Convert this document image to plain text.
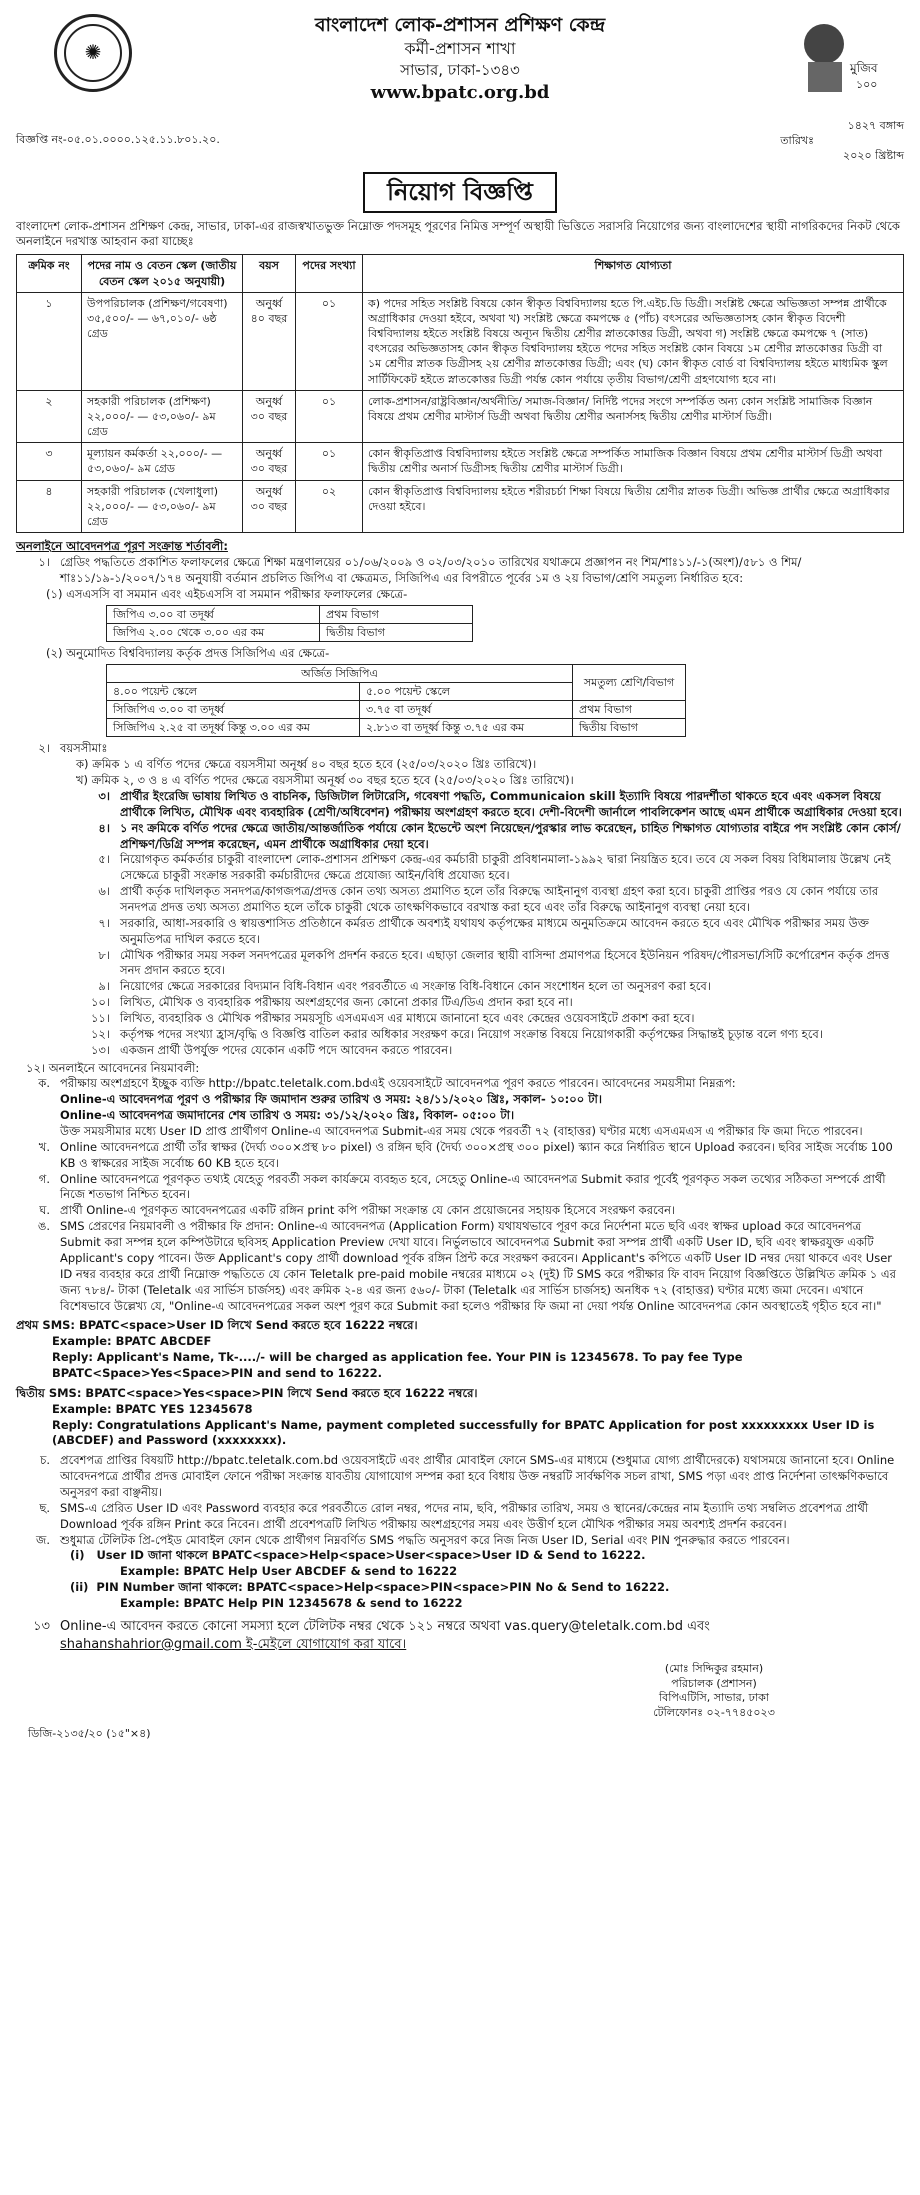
✺
মুজিব
১০০
বাংলাদেশ লোক-প্রশাসন প্রশিক্ষণ কেন্দ্র
কর্মী-প্রশাসন শাখা
সাভার, ঢাকা-১৩৪৩
www.bpatc.org.bd
বিজ্ঞপ্তি নং-০৫.০১.০০০০.১২৫.১১.৮০১.২০.
১৪২৭ বঙ্গাব্দ
তারিখঃ
২০২০ খ্রিষ্টাব্দ
নিয়োগ বিজ্ঞপ্তি
বাংলাদেশ লোক-প্রশাসন প্রশিক্ষণ কেন্দ্র, সাভার, ঢাকা-এর রাজস্বখাতভুক্ত নিম্নোক্ত পদসমূহ পূরণের নিমিত্ত সম্পূর্ণ অস্থায়ী ভিত্তিতে সরাসরি নিয়োগের জন্য বাংলাদেশের স্থায়ী নাগরিকদের নিকট থেকে অনলাইনে দরখাস্ত আহবান করা যাচ্ছেঃ
ক্রমিক নং	পদের নাম ও বেতন স্কেল (জাতীয় বেতন স্কেল ২০১৫ অনুযায়ী)	বয়স	পদের সংখ্যা	শিক্ষাগত যোগ্যতা
১	উপপরিচালক (প্রশিক্ষণ/গবেষণা) ৩৫,৫০০/- — ৬৭,০১০/- ৬ষ্ঠ গ্রেড	অনুর্ধ্ব ৪০ বছর	০১	ক) পদের সহিত সংশ্লিষ্ট বিষয়ে কোন স্বীকৃত বিশ্ববিদ্যালয় হতে পি.এইচ.ডি ডিগ্রী। সংশ্লিষ্ট ক্ষেত্রে অভিজ্ঞতা সম্পন্ন প্রার্থীকে অগ্রাধিকার দেওয়া হইবে, অথবা খ) সংশ্লিষ্ট ক্ষেত্রে কমপক্ষে ৫ (পাঁচ) বৎসরের অভিজ্ঞতাসহ কোন স্বীকৃত বিদেশী বিশ্ববিদ্যালয় হইতে সংশ্লিষ্ট বিষয়ে অন্যূন দ্বিতীয় শ্রেণীর স্নাতকোত্তর ডিগ্রী, অথবা গ) সংশ্লিষ্ট ক্ষেত্রে কমপক্ষে ৭ (সাত) বৎসরের অভিজ্ঞতাসহ কোন স্বীকৃত বিশ্ববিদ্যালয় হইতে পদের সহিত সংশ্লিষ্ট কোন বিষয়ে ১ম শ্রেণীর স্নাতকোত্তর ডিগ্রী বা ১ম শ্রেণীর স্নাতক ডিগ্রীসহ ২য় শ্রেণীর স্নাতকোত্তর ডিগ্রী; এবং (ঘ) কোন স্বীকৃত বোর্ড বা বিশ্ববিদ্যালয় হইতে মাধ্যমিক স্কুল সার্টিফিকেট হইতে স্নাতকোত্তর ডিগ্রী পর্যন্ত কোন পর্যায়ে তৃতীয় বিভাগ/শ্রেণী গ্রহণযোগ্য হবে না।
২	সহকারী পরিচালক (প্রশিক্ষণ) ২২,০০০/- — ৫৩,০৬০/- ৯ম গ্রেড	অনুর্ধ্ব ৩০ বছর	০১	লোক-প্রশাসন/রাষ্ট্রবিজ্ঞান/অর্থনীতি/ সমাজ-বিজ্ঞান/ নির্দিষ্ট পদের সংগে সম্পর্কিত অন্য কোন সংশ্লিষ্ট সামাজিক বিজ্ঞান বিষয়ে প্রথম শ্রেণীর মাস্টার্স ডিগ্রী অথবা দ্বিতীয় শ্রেণীর অনার্সসহ দ্বিতীয় শ্রেণীর মাস্টার্স ডিগ্রী।
৩	মূল্যায়ন কর্মকর্তা ২২,০০০/- — ৫৩,০৬০/- ৯ম গ্রেড	অনুর্ধ্ব ৩০ বছর	০১	কোন স্বীকৃতিপ্রাপ্ত বিশ্ববিদ্যালয় হইতে সংশ্লিষ্ট ক্ষেত্রে সম্পর্কিত সামাজিক বিজ্ঞান বিষয়ে প্রথম শ্রেণীর মাস্টার্স ডিগ্রী অথবা দ্বিতীয় শ্রেণীর অনার্স ডিগ্রীসহ দ্বিতীয় শ্রেণীর মাস্টার্স ডিগ্রী।
৪	সহকারী পরিচালক (খেলাধুলা) ২২,০০০/- — ৫৩,০৬০/- ৯ম গ্রেড	অনুর্ধ্ব ৩০ বছর	০২	কোন স্বীকৃতিপ্রাপ্ত বিশ্ববিদ্যালয় হইতে শরীরচর্চা শিক্ষা বিষয়ে দ্বিতীয় শ্রেণীর স্নাতক ডিগ্রী। অভিজ্ঞ প্রার্থীর ক্ষেত্রে অগ্রাধিকার দেওয়া হইবে।
অনলাইনে আবেদনপত্র পূরণ সংক্রান্ত শর্তাবলী:
১। গ্রেডিং পদ্ধতিতে প্রকাশিত ফলাফলের ক্ষেত্রে শিক্ষা মন্ত্রণালয়ের ০১/০৬/২০০৯ ও ০২/০৩/২০১০ তারিখের যথাক্রমে প্রজ্ঞাপন নং শিম/শাঃ১১/-১(অংশ)/৫৮১ ও শিম/শাঃ১১/১৯-১/২০০৭/১৭৪ অনুযায়ী বর্তমান প্রচলিত জিপিএ বা ক্ষেত্রমত, সিজিপিএ এর বিপরীতে পূর্বের ১ম ও ২য় বিভাগ/শ্রেণি সমতুল্য নির্ধারিত হবে:
(১) এসএসসি বা সমমান এবং এইচএসসি বা সমমান পরীক্ষার ফলাফলের ক্ষেত্রে-
জিপিএ ৩.০০ বা তদূর্ধ্ব	প্রথম বিভাগ
জিপিএ ২.০০ থেকে ৩.০০ এর কম	দ্বিতীয় বিভাগ
(২) অনুমোদিত বিশ্ববিদ্যালয় কর্তৃক প্রদত্ত সিজিপিএ এর ক্ষেত্রে-
অর্জিত সিজিপিএ		সমতুল্য শ্রেণি/বিভাগ
৪.০০ পয়েন্ট স্কেলে	৫.০০ পয়েন্ট স্কেলে	
সিজিপিএ ৩.০০ বা তদূর্ধ্ব	৩.৭৫ বা তদূর্ধ্ব	প্রথম বিভাগ
সিজিপিএ ২.২৫ বা তদূর্ধ্ব কিন্তু ৩.০০ এর কম	২.৮১৩ বা তদূর্ধ্ব কিন্তু ৩.৭৫ এর কম	দ্বিতীয় বিভাগ
২। বয়সসীমাঃ
ক) ক্রমিক ১ এ বর্ণিত পদের ক্ষেত্রে বয়সসীমা অনূর্ধ্ব ৪০ বছর হতে হবে (২৫/০৩/২০২০ খ্রিঃ তারিখে)।
খ) ক্রমিক ২, ৩ ও ৪ এ বর্ণিত পদের ক্ষেত্রে বয়সসীমা অনূর্ধ্ব ৩০ বছর হতে হবে (২৫/০৩/২০২০ খ্রিঃ তারিখে)।
৩। প্রার্থীর ইংরেজি ভাষায় লিখিত ও বাচনিক, ডিজিটাল লিটারেসি, গবেষণা পদ্ধতি, Communicaion skill ইত্যাদি বিষয়ে পারদর্শীতা থাকতে হবে এবং একসল বিষয়ে প্রার্থীকে লিখিত, মৌখিক এবং ব্যবহারিক (শ্রেণী/অধিবেশন) পরীক্ষায় অংশগ্রহণ করতে হবে। দেশী-বিদেশী জার্নালে পাবলিকেশন আছে এমন প্রার্থীকে অগ্রাধিকার দেওয়া হবে।
৪। ১ নং ক্রমিকে বর্ণিত পদের ক্ষেত্রে জাতীয়/আন্তর্জাতিক পর্যায়ে কোন ইভেন্টে অংশ নিয়েছেন/পুরস্কার লাভ করেছেন, চাহিত শিক্ষাগত যোগ্যতার বাইরে পদ সংশ্লিষ্ট কোন কোর্স/প্রশিক্ষণ/ডিগ্রি সম্পন্ন করেছেন, এমন প্রার্থীকে অগ্রাধিকার দেয়া হবে।
৫। নিয়োগকৃত কর্মকর্তার চাকুরী বাংলাদেশ লোক-প্রশাসন প্রশিক্ষণ কেন্দ্র-এর কর্মচারী চাকুরী প্রবিধানমালা-১৯৯২ দ্বারা নিয়ন্ত্রিত হবে। তবে যে সকল বিষয় বিধিমালায় উল্লেখ নেই সেক্ষেত্রে চাকুরী সংক্রান্ত সরকারী কর্মচারীদের ক্ষেত্রে প্রযোজ্য আইন/বিধি প্রযোজ্য হবে।
৬। প্রার্থী কর্তৃক দাখিলকৃত সনদপত্র/কাগজপত্র/প্রদত্ত কোন তথ্য অসত্য প্রমাণিত হলে তাঁর বিরুদ্ধে আইনানুগ ব্যবস্থা গ্রহণ করা হবে। চাকুরী প্রাপ্তির পরও যে কোন পর্যায়ে তার সনদপত্র প্রদত্ত তথ্য অসত্য প্রমাণিত হলে তাঁকে চাকুরী থেকে তাৎক্ষণিকভাবে বরখাস্ত করা হবে এবং তাঁর বিরুদ্ধে আইনানুগ ব্যবস্থা নেয়া হবে।
৭। সরকারি, আধা-সরকারি ও স্বায়ত্তশাসিত প্রতিষ্ঠানে কর্মরত প্রার্থীকে অবশ্যই যথাযথ কর্তৃপক্ষের মাধ্যমে অনুমতিক্রমে আবেদন করতে হবে এবং মৌখিক পরীক্ষার সময় উক্ত অনুমতিপত্র দাখিল করতে হবে।
৮। মৌখিক পরীক্ষার সময় সকল সনদপত্রের মূলকপি প্রদর্শন করতে হবে। এছাড়া জেলার স্থায়ী বাসিন্দা প্রমাণপত্র হিসেবে ইউনিয়ন পরিষদ/পৌরসভা/সিটি কর্পোরেশন কর্তৃক প্রদত্ত সনদ প্রদান করতে হবে।
৯। নিয়োগের ক্ষেত্রে সরকারের বিদ্যমান বিধি-বিধান এবং পরবর্তীতে এ সংক্রান্ত বিধি-বিধানে কোন সংশোধন হলে তা অনুসরণ করা হবে।
১০। লিখিত, মৌখিক ও ব্যবহারিক পরীক্ষায় অংশগ্রহণের জন্য কোনো প্রকার টিএ/ডিএ প্রদান করা হবে না।
১১। লিখিত, ব্যবহারিক ও মৌখিক পরীক্ষার সময়সূচি এসএমএস এর মাধ্যমে জানানো হবে এবং কেন্দ্রের ওয়েবসাইটে প্রকাশ করা হবে।
১২। কর্তৃপক্ষ পদের সংখ্যা হ্রাস/বৃদ্ধি ও বিজ্ঞপ্তি বাতিল করার অধিকার সংরক্ষণ করে। নিয়োগ সংক্রান্ত বিষয়ে নিয়োগকারী কর্তৃপক্ষের সিদ্ধান্তই চূড়ান্ত বলে গণ্য হবে।
১৩। একজন প্রার্থী উপর্যুক্ত পদের যেকোন একটি পদে আবেদন করতে পারবেন।
১২। অনলাইনে আবেদনের নিয়মাবলী:
ক. পরীক্ষায় অংশগ্রহণে ইচ্ছুক ব্যক্তি http://bpatc.teletalk.com.bdএই ওয়েবসাইটে আবেদনপত্র পূরণ করতে পারবেন। আবেদনের সময়সীমা নিম্নরূপ:
Online-এ আবেদনপত্র পূরণ ও পরীক্ষার ফি জমাদান শুরুর তারিখ ও সময়: ২৪/১১/২০২০ খ্রিঃ, সকাল- ১০:০০ টা।
Online-এ আবেদনপত্র জমাদানের শেষ তারিখ ও সময়: ৩১/১২/২০২০ খ্রিঃ, বিকাল- ০৫:০০ টা।
উক্ত সময়সীমার মধ্যে User ID প্রাপ্ত প্রার্থীগণ Online-এ আবেদনপত্র Submit-এর সময় থেকে পরবর্তী ৭২ (বাহাত্তর) ঘণ্টার মধ্যে এসএমএস এ পরীক্ষার ফি জমা দিতে পারবেন।
খ. Online আবেদনপত্রে প্রার্থী তাঁর স্বাক্ষর (দৈর্ঘ্য ৩০০×প্রস্থ ৮০ pixel) ও রঙ্গিন ছবি (দৈর্ঘ্য ৩০০×প্রস্থ ৩০০ pixel) স্ক্যান করে নির্ধারিত স্থানে Upload করবেন। ছবির সাইজ সর্বোচ্চ 100 KB ও স্বাক্ষরের সাইজ সর্বোচ্চ 60 KB হতে হবে।
গ. Online আবেদনপত্রে পূরণকৃত তথ্যই যেহেতু পরবর্তী সকল কার্যক্রমে ব্যবহৃত হবে, সেহেতু Online-এ আবেদনপত্র Submit করার পূর্বেই পূরণকৃত সকল তথ্যের সঠিকতা সম্পর্কে প্রার্থী নিজে শতভাগ নিশ্চিত হবেন।
ঘ. প্রার্থী Online-এ পূরণকৃত আবেদনপত্রের একটি রঙ্গিন print কপি পরীক্ষা সংক্রান্ত যে কোন প্রয়োজনের সহায়ক হিসেবে সংরক্ষণ করবেন।
ঙ. SMS প্রেরণের নিয়মাবলী ও পরীক্ষার ফি প্রদান: Online-এ আবেদনপত্র (Application Form) যথাযথভাবে পূরণ করে নির্দেশনা মতে ছবি এবং স্বাক্ষর upload করে আবেদনপত্র Submit করা সম্পন্ন হলে কম্পিউটারে ছবিসহ Application Preview দেখা যাবে। নির্ভুলভাবে আবেদনপত্র Submit করা সম্পন্ন প্রার্থী একটি User ID, ছবি এবং স্বাক্ষরযুক্ত একটি Applicant's copy পাবেন। উক্ত Applicant's copy প্রার্থী download পূর্বক রঙ্গিন প্রিন্ট করে সংরক্ষণ করবেন। Applicant's কপিতে একটি User ID নম্বর দেয়া থাকবে এবং User ID নম্বর ব্যবহার করে প্রার্থী নিম্নোক্ত পদ্ধতিতে যে কোন Teletalk pre-paid mobile নম্বরের মাধ্যমে ০২ (দুই) টি SMS করে পরীক্ষার ফি বাবদ নিয়োগ বিজ্ঞপ্তিতে উল্লিখিত ক্রমিক ১ এর জন্য ৭৮৪/- টাকা (Teletalk এর সার্ভিস চার্জসহ) এবং ক্রমিক ২-৪ এর জন্য ৫৬০/- টাকা (Teletalk এর সার্ভিস চার্জসহ) অনধিক ৭২ (বাহাত্তর) ঘণ্টার মধ্যে জমা দেবেন। এখানে বিশেষভাবে উল্লেখ্য যে, "Online-এ আবেদনপত্রের সকল অংশ পূরণ করে Submit করা হলেও পরীক্ষার ফি জমা না দেয়া পর্যন্ত Online আবেদনপত্র কোন অবস্থাতেই গৃহীত হবে না।"
প্রথম SMS: BPATC<space>User ID লিখে Send করতে হবে 16222 নম্বরে।
Example: BPATC ABCDEF
Reply: Applicant's Name, Tk-..../- will be charged as application fee. Your PIN is 12345678. To pay fee Type BPATC<Space>Yes<Space>PIN and send to 16222.
দ্বিতীয় SMS: BPATC<space>Yes<space>PIN লিখে Send করতে হবে 16222 নম্বরে।
Example: BPATC YES 12345678
Reply: Congratulations Applicant's Name, payment completed successfully for BPATC Application for post xxxxxxxxx User ID is (ABCDEF) and Password (xxxxxxxx).
চ. প্রবেশপত্র প্রাপ্তির বিষয়টি http://bpatc.teletalk.com.bd ওয়েবসাইটে এবং প্রার্থীর মোবাইল ফোনে SMS-এর মাধ্যমে (শুধুমাত্র যোগ্য প্রার্থীদেরকে) যথাসময়ে জানানো হবে। Online আবেদনপত্রে প্রার্থীর প্রদত্ত মোবাইল ফোনে পরীক্ষা সংক্রান্ত যাবতীয় যোগাযোগ সম্পন্ন করা হবে বিধায় উক্ত নম্বরটি সার্বক্ষণিক সচল রাখা, SMS পড়া এবং প্রাপ্ত নির্দেশনা তাৎক্ষণিকভাবে অনুসরণ করা বাঞ্ছনীয়।
ছ. SMS-এ প্রেরিত User ID এবং Password ব্যবহার করে পরবর্তীতে রোল নম্বর, পদের নাম, ছবি, পরীক্ষার তারিখ, সময় ও স্থানের/কেন্দ্রের নাম ইত্যাদি তথ্য সম্বলিত প্রবেশপত্র প্রার্থী Download পূর্বক রঙ্গিন Print করে নিবেন। প্রার্থী প্রবেশপত্রটি লিখিত পরীক্ষায় অংশগ্রহণের সময় এবং উত্তীর্ণ হলে মৌখিক পরীক্ষার সময় অবশ্যই প্রদর্শন করবেন।
জ. শুধুমাত্র টেলিটক প্রি-পেইড মোবাইল ফোন থেকে প্রার্থীগণ নিম্নবর্ণিত SMS পদ্ধতি অনুসরণ করে নিজ নিজ User ID, Serial এবং PIN পুনরুদ্ধার করতে পারবেন।
(i)   User ID জানা থাকলে BPATC<space>Help<space>User<space>User ID & Send to 16222.
Example: BPATC Help User ABCDEF & send to 16222
(ii)  PIN Number জানা থাকলে: BPATC<space>Help<space>PIN<space>PIN No & Send to 16222.
Example: BPATC Help PIN 12345678 & send to 16222
১৩ Online-এ আবেদন করতে কোনো সমস্যা হলে টেলিটক নম্বর থেকে ১২১ নম্বরে অথবা vas.query@teletalk.com.bd এবং
shahanshahrior@gmail.com ই-মেইলে যোগাযোগ করা যাবে।
(মোঃ সিদ্দিকুর রহমান)
পরিচালক (প্রশাসন)
বিপিএটিসি, সাভার, ঢাকা
টেলিফোনঃ ০২-৭৭৪৫০২৩
ডিজি-২১৩৫/২০ (১৫"×৪)
